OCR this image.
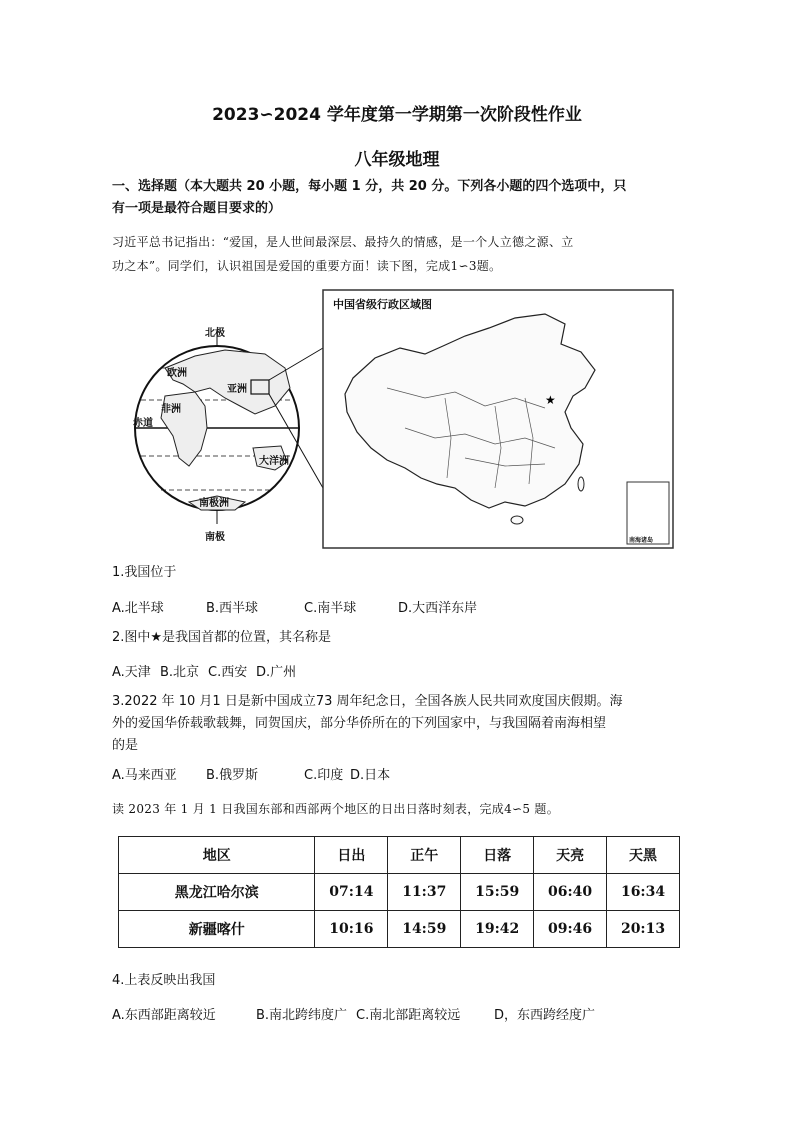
2023∽2024 学年度第一学期第一次阶段性作业
八年级地理
一、选择题（本大题共 20 小题，每小题 1 分，共 20 分。下列各小题的四个选项中，只
有一项是最符合题目要求的）
习近平总书记指出：“爱国，是人世间最深层、最持久的情感，是一个人立德之源、立
功之本”。同学们，认识祖国是爱国的重要方面！读下图，完成1∽3题。
北极
南极
欧洲
亚洲
非洲
赤道
大洋洲
南极洲
中国省级行政区域图
★
南海诸岛
1.我国位于
A.北半球	B.西半球	C.南半球	D.大西洋东岸
2.图中★是我国首都的位置，其名称是
A.天津 B.北京 C.西安 D.广州
3.2022 年 10 月1 日是新中国成立73 周年纪念日，全国各族人民共同欢度国庆假期。海
外的爱国华侨载歌载舞，同贺国庆，部分华侨所在的下列国家中，与我国隔着南海相望
的是
A.马来西亚 B.俄罗斯	C.印度 D.日本
读 2023 年 1 月 1 日我国东部和西部两个地区的日出日落时刻表，完成4∽5 题。
地区	日出	正午	日落	天亮	天黑
黑龙江哈尔滨	07:14	11:37	15:59	06:40	16:34
新疆喀什	10:16	14:59	19:42	09:46	20:13
4.上表反映出我国
A.东西部距离较近	B.南北跨纬度广 C.南北部距离较远	D，东西跨经度广
